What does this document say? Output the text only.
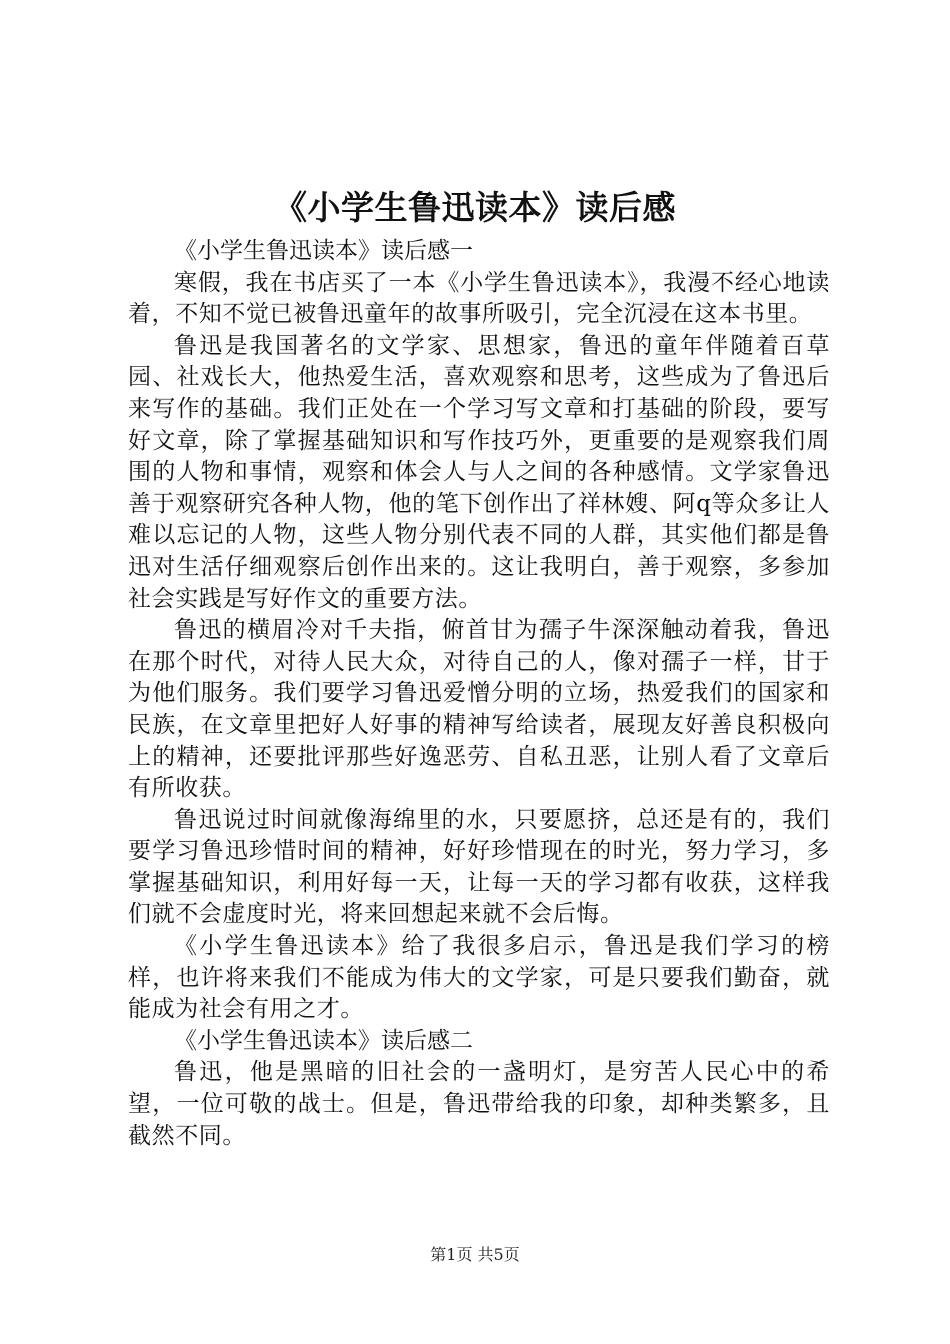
《小学生鲁迅读本》读后感

《小学生鲁迅读本》读后感一

寒假，我在书店买了一本《小学生鲁迅读本》，我漫不经心地读着，不知不觉已被鲁迅童年的故事所吸引，完全沉浸在这本书里。

鲁迅是我国著名的文学家、思想家，鲁迅的童年伴随着百草园、社戏长大，他热爱生活，喜欢观察和思考，这些成为了鲁迅后来写作的基础。我们正处在一个学习写文章和打基础的阶段，要写好文章，除了掌握基础知识和写作技巧外，更重要的是观察我们周围的人物和事情，观察和体会人与人之间的各种感情。文学家鲁迅善于观察研究各种人物，他的笔下创作出了祥林嫂、阿q等众多让人难以忘记的人物，这些人物分别代表不同的人群，其实他们都是鲁迅对生活仔细观察后创作出来的。这让我明白，善于观察，多参加社会实践是写好作文的重要方法。

鲁迅的横眉冷对千夫指，俯首甘为孺子牛深深触动着我，鲁迅在那个时代，对待人民大众，对待自己的人，像对孺子一样，甘于为他们服务。我们要学习鲁迅爱憎分明的立场，热爱我们的国家和民族，在文章里把好人好事的精神写给读者，展现友好善良积极向上的精神，还要批评那些好逸恶劳、自私丑恶，让别人看了文章后有所收获。

鲁迅说过时间就像海绵里的水，只要愿挤，总还是有的，我们要学习鲁迅珍惜时间的精神，好好珍惜现在的时光，努力学习，多掌握基础知识，利用好每一天，让每一天的学习都有收获，这样我们就不会虚度时光，将来回想起来就不会后悔。

《小学生鲁迅读本》给了我很多启示，鲁迅是我们学习的榜样，也许将来我们不能成为伟大的文学家，可是只要我们勤奋，就能成为社会有用之才。

《小学生鲁迅读本》读后感二

鲁迅，他是黑暗的旧社会的一盏明灯，是穷苦人民心中的希望，一位可敬的战士。但是，鲁迅带给我的印象，却种类繁多，且截然不同。

第1页 共5页
